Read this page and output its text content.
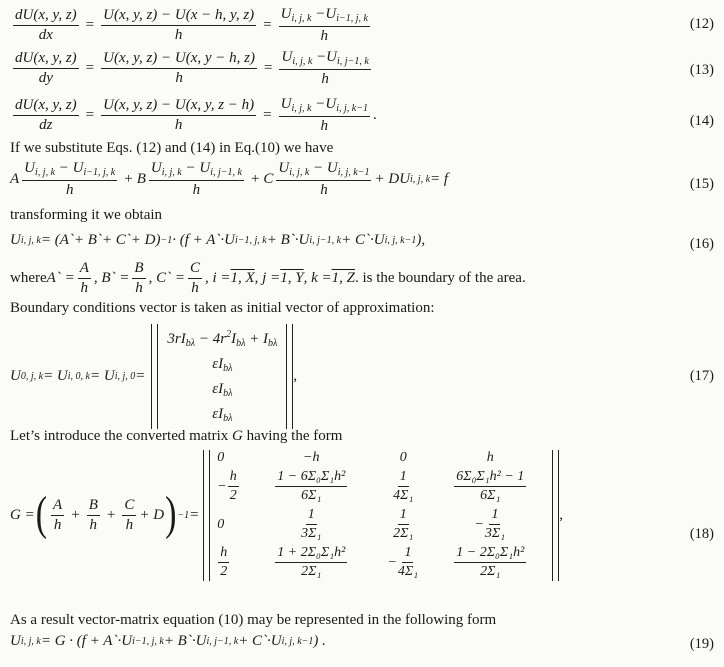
$\frac{dU(x, y, z)}{dx} = \frac{U(x, y, z) - U(x - h, y, z)}{h} = \frac{U_{i, j, k} -U_{i-1, j, k}}{h}$	(12)
$\frac{dU(x, y, z)}{dy} = \frac{U(x, y, z) - U(x, y - h, z)}{h} = \frac{U_{i, j, k} -U_{i, j-1, k}}{h}$	(13)
$\frac{dU(x, y, z)}{dz} = \frac{U(x, y, z) - U(x, y, z - h)}{h} = \frac{U_{i, j, k} -U_{i, j, k-1}}{h}$ .	(14)
If we substitute Eqs. (12) and (14) in Eq.(10) we have
A $\frac{U_{i, j, k} - U_{i-1, j, k}}{h} + B \frac{U_{i, j, k} - U_{i, j-1, k}}{h} + C \frac{U_{i, j, k} - U_{i, j, k-1}}{h}$ + DU i, j, k = f	(15)
transforming it we obtain
U i, j, k = (A`+ B`+ C`+ D) −1 · (f + A`·U i−1, j, k + B`·U i, j−1, k + C`·U i, j, k−1 ),	(16)
where A` = $\frac{A}{h}$ , B` = $\frac{B}{h}$ , C` = $\frac{C}{h}$ , i = 1, X , j = 1, Y , k = 1, Z . is the boundary of the area.
Boundary conditions vector is taken as initial vector of approximation:
U 0, j, k = U i, 0, k = U i, j, 0 =
$3rI_{b\lambda} - 4r^2I_{b\lambda} + I_{b\lambda}$
$\varepsilon I_{b\lambda}$
$\varepsilon I_{b\lambda}$
$\varepsilon I_{b\lambda}$
,	(17)
Let’s introduce the converted matrix G having the form
G = ( $\frac{A}{h} + \frac{B}{h} + \frac{C}{h} + D$ ) −1 =
0	−h	0	h
− $\frac{h}{2}$	$\frac{\text{1 − 6Σ₀Σ₁h²}}{\text{6Σ₁}}$	$\frac{1}{\text{4Σ₁}}$	$\frac{\text{6Σ₀Σ₁h² − 1}}{\text{6Σ₁}}$
0	$\frac{1}{\text{3Σ₁}}$	$\frac{1}{\text{2Σ₁}}$	− $\frac{1}{\text{3Σ₁}}$
$\frac{h}{2}$	$\frac{\text{1 + 2Σ₀Σ₁h²}}{\text{2Σ₁}}$	− $\frac{1}{\text{4Σ₁}}$	$\frac{\text{1 − 2Σ₀Σ₁h²}}{\text{2Σ₁}}$
,
(18)
As a result vector-matrix equation (10) may be represented in the following form
U i, j, k = G · (f + A`·U i−1, j, k + B`·U i, j−1, k + C`·U i, j, k−1 ) .	(19)
